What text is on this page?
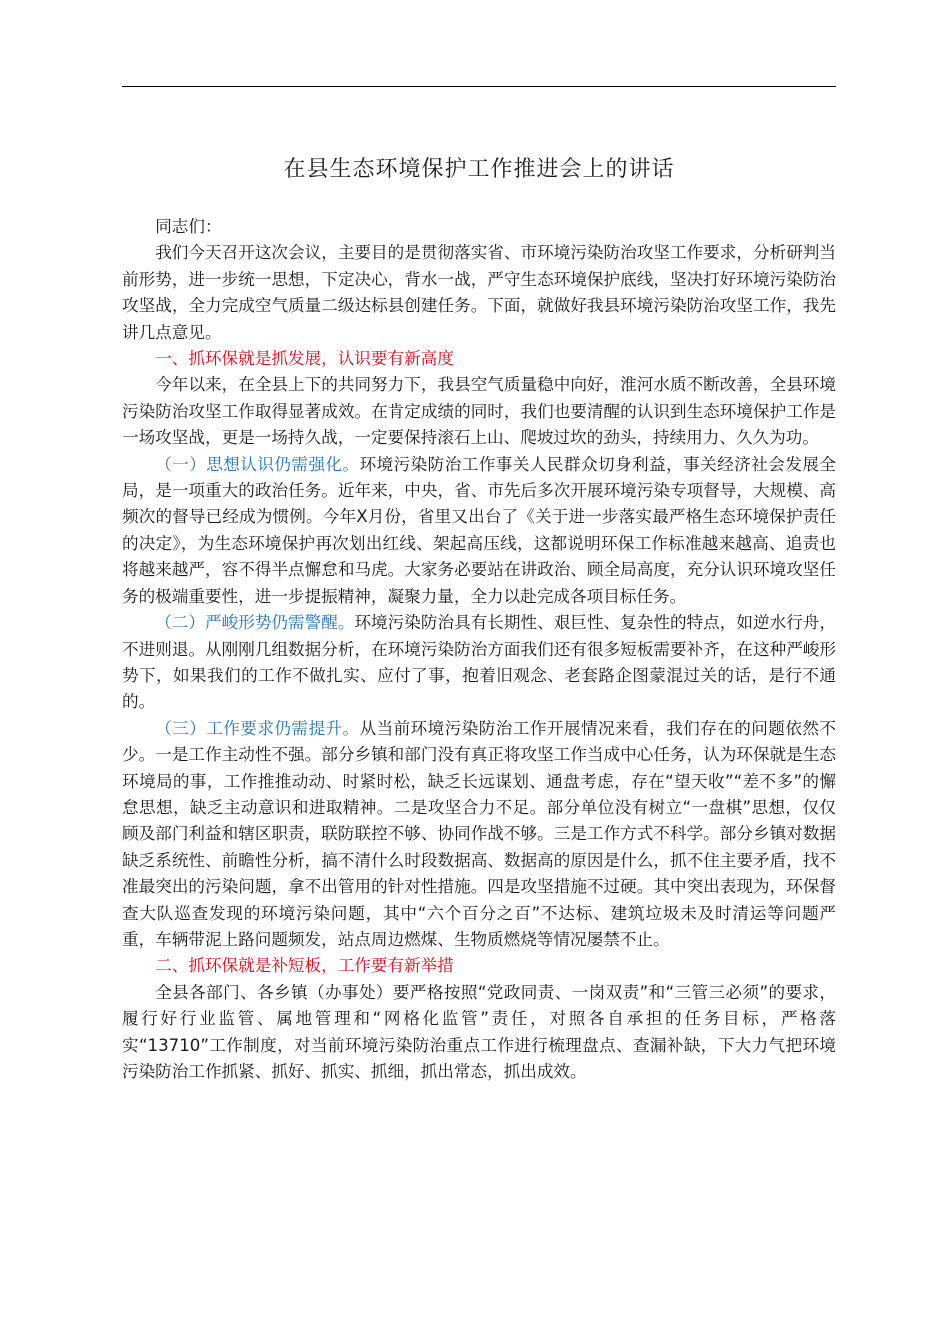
在县生态环境保护工作推进会上的讲话

同志们：

我们今天召开这次会议，主要目的是贯彻落实省、市环境污染防治攻坚工作要求，分析研判当前形势，进一步统一思想，下定决心，背水一战，严守生态环境保护底线，坚决打好环境污染防治攻坚战，全力完成空气质量二级达标县创建任务。下面，就做好我县环境污染防治攻坚工作，我先讲几点意见。

一、抓环保就是抓发展，认识要有新高度

今年以来，在全县上下的共同努力下，我县空气质量稳中向好，淮河水质不断改善，全县环境污染防治攻坚工作取得显著成效。在肯定成绩的同时，我们也要清醒的认识到生态环境保护工作是一场攻坚战，更是一场持久战，一定要保持滚石上山、爬坡过坎的劲头，持续用力、久久为功。

（一）思想认识仍需强化。环境污染防治工作事关人民群众切身利益，事关经济社会发展全局，是一项重大的政治任务。近年来，中央，省、市先后多次开展环境污染专项督导，大规模、高频次的督导已经成为惯例。今年X月份，省里又出台了《关于进一步落实最严格生态环境保护责任的决定》，为生态环境保护再次划出红线、架起高压线，这都说明环保工作标准越来越高、追责也将越来越严，容不得半点懈怠和马虎。大家务必要站在讲政治、顾全局高度，充分认识环境攻坚任务的极端重要性，进一步提振精神，凝聚力量，全力以赴完成各项目标任务。

（二）严峻形势仍需警醒。环境污染防治具有长期性、艰巨性、复杂性的特点，如逆水行舟，不进则退。从刚刚几组数据分析，在环境污染防治方面我们还有很多短板需要补齐，在这种严峻形势下，如果我们的工作不做扎实、应付了事，抱着旧观念、老套路企图蒙混过关的话，是行不通的。

（三）工作要求仍需提升。从当前环境污染防治工作开展情况来看，我们存在的问题依然不少。一是工作主动性不强。部分乡镇和部门没有真正将攻坚工作当成中心任务，认为环保就是生态环境局的事，工作推推动动、时紧时松，缺乏长远谋划、通盘考虑，存在“望天收”“差不多”的懈怠思想，缺乏主动意识和进取精神。二是攻坚合力不足。部分单位没有树立“一盘棋”思想，仅仅顾及部门利益和辖区职责，联防联控不够、协同作战不够。三是工作方式不科学。部分乡镇对数据缺乏系统性、前瞻性分析，搞不清什么时段数据高、数据高的原因是什么，抓不住主要矛盾，找不准最突出的污染问题，拿不出管用的针对性措施。四是攻坚措施不过硬。其中突出表现为，环保督查大队巡查发现的环境污染问题，其中“六个百分之百”不达标、建筑垃圾未及时清运等问题严重，车辆带泥上路问题频发，站点周边燃煤、生物质燃烧等情况屡禁不止。

二、抓环保就是补短板，工作要有新举措

全县各部门、各乡镇（办事处）要严格按照“党政同责、一岗双责”和“三管三必须”的要求，履行好行业监管、属地管理和“网格化监管”责任，对照各自承担的任务目标，严格落实“13710”工作制度，对当前环境污染防治重点工作进行梳理盘点、查漏补缺，下大力气把环境污染防治工作抓紧、抓好、抓实、抓细，抓出常态，抓出成效。
